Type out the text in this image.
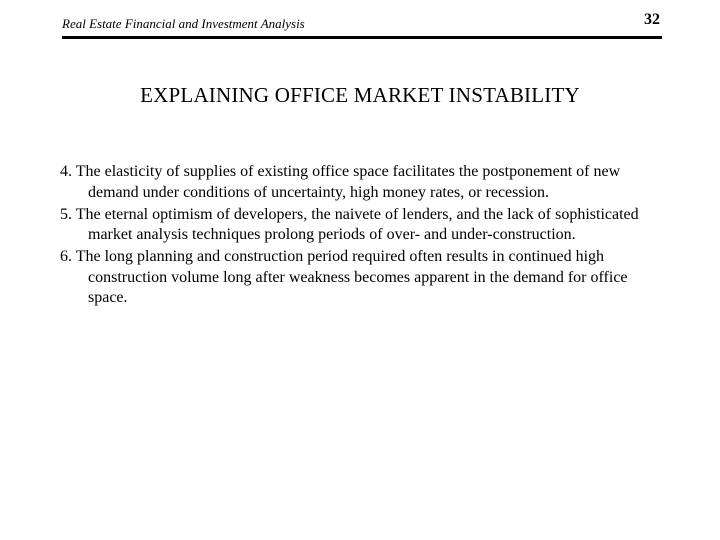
Real Estate Financial and Investment Analysis	32
EXPLAINING OFFICE MARKET INSTABILITY
4. The elasticity of supplies of existing office space facilitates the postponement of new demand under conditions of uncertainty, high money rates, or recession.
5. The eternal optimism of developers, the naivete of lenders, and the lack of sophisticated market analysis techniques prolong periods of over- and under-construction.
6. The long planning and construction period required often results in continued high construction volume long after weakness becomes apparent in the demand for office space.
